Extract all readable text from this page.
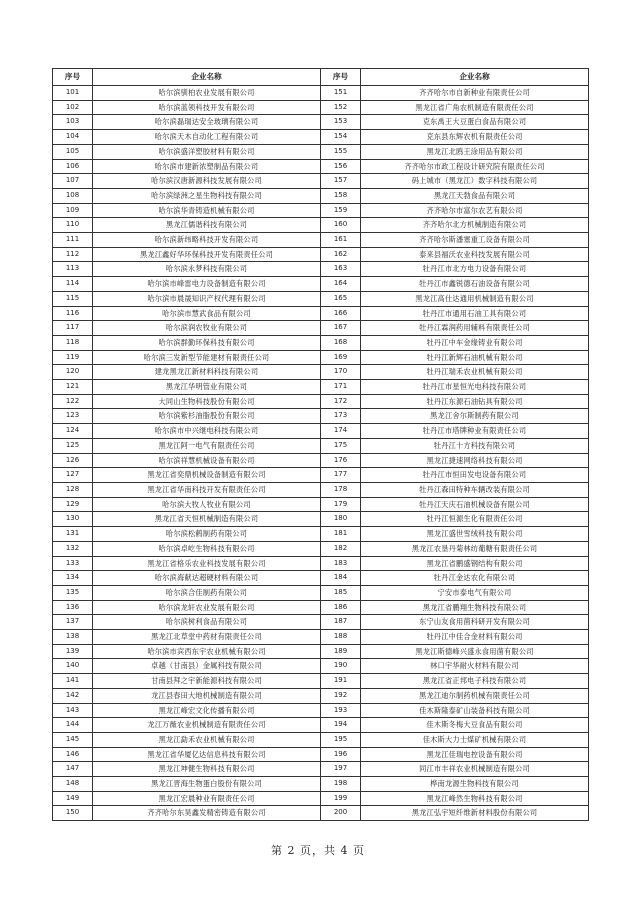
序号	企业名称	序号	企业名称
101	哈尔滨驯柏农业发展有限公司	151	齐齐哈尔市自新种业有限责任公司
102	哈尔滨蓝领科技开发有限公司	152	黑龙江省广角农机制造有限责任公司
103	哈尔滨磊瑞达安全玻璃有限公司	153	克东禹王大豆蛋白食品有限公司
104	哈尔滨天木自动化工程有限公司	154	克东县东辉农机有限责任公司
105	哈尔滨盛洋塑胶材料有限公司	155	黑龙江北鸥王涂用品有限公司
106	哈尔滨市建新浓塑制品有限公司	156	齐齐哈尔市政工程设计研究院有限责任公司
107	哈尔滨汉唐新源科技发展有限公司	157	码上城市（黑龙江）数字科技有限公司
108	哈尔滨绿洲之星生物科技有限公司	158	黑龙江天勃食品有限公司
109	哈尔滨华青铸造机械有限公司	159	齐齐哈尔市富尔农艺有限公司
110	黑龙江儒谐科技有限公司	160	齐齐哈尔北方机械制造有限公司
111	哈尔滨新纬略科技开发有限公司	161	齐齐哈尔斯潘塞重工设备有限公司
112	黑龙江鑫好华环保科技开发有限责任公司	162	泰来县福沃农业科技发展有限公司
113	哈尔滨永梦科技有限公司	163	牡丹江市北方电力设备有限公司
114	哈尔滨市峰雷电力设备制造有限公司	164	牡丹江市鑫锐德石油设备有限公司
115	哈尔滨市晨晟知识产权代理有限公司	165	黑龙江高仕达通用机械制造有限公司
116	哈尔滨市慧武食品有限公司	166	牡丹江市通用石油工具有限公司
117	哈尔滨润农牧业有限公司	167	牡丹江霖润药用辅料有限责任公司
118	哈尔滨群勤环保科技有限公司	168	牡丹江中车金缘铸业有限公司
119	哈尔滨三发新型节能建材有限责任公司	169	牡丹江新辉石油机械有限公司
120	建龙黑龙江新材料科技有限公司	170	牡丹江瑞禾农业机械有限公司
121	黑龙江华明管业有限公司	171	牡丹江市星恒光电科技有限公司
122	大同山生物科技股份有限公司	172	牡丹江东源石油钻具有限公司
123	哈尔滨紫杉油脂股份有限公司	173	黑龙江舍尔斯制药有限公司
124	哈尔滨市中兴继电科技有限公司	174	牡丹江市塔牌种业有限责任公司
125	黑龙江阿一电气有限责任公司	175	牡丹江十方科技有限公司
126	哈尔滨祥慧机械设备有限公司	176	黑龙江捷速网络科技有限公司
127	黑龙江省奕鼎机械设备制造有限公司	177	牡丹江市恒田发电设备有限公司
128	黑龙江省华南科技开发有限责任公司	178	牡丹江森田特种车辆改装有限公司
129	哈尔滨大牧人牧业有限公司	179	牡丹江天庆石油机械设备有限公司
130	黑龙江省天恒机械制造有限公司	180	牡丹江恒源生化有限责任公司
131	哈尔滨松鹤制药有限公司	181	黑龙江盛世雪绒科技有限公司
132	哈尔滨卓屹生物科技有限公司	182	黑龙江农垦丹菊林纺葡糖有限责任公司
133	黑龙江省格乐农业科技发展有限公司	183	黑龙江省鹏盛钢结构有限公司
134	哈尔滨海献达超硬材料有限公司	184	牡丹江金达农化有限公司
135	哈尔滨合佳制药有限公司	185	宁安市泰电气有限公司
136	哈尔滨龙轩农业发展有限公司	186	黑龙江省鹏翔生物科技有限公司
137	哈尔滨树利食品有限公司	187	东宁山友食用菌科研开发有限公司
138	黑龙江北草堂中药材有限责任公司	188	牡丹江中佳合金材料有限公司
139	哈尔滨市宾西东宇农业机械有限公司	189	黑龙江斯德峰兴盛永食用菌有限公司
140	卓越（甘南县）金属科技有限公司	190	林口宇华耐火材料有限公司
141	甘南县拜之宇新能源科技有限公司	191	黑龙江省正邦电子科技有限公司
142	龙江县春田大地机械制造有限公司	192	黑龙江迪尔制药机械有限责任公司
143	黑龙江峰宏文化传播有限公司	193	佳木斯隆泰矿山装备科技有限公司
144	龙江万薇农业机械制造有限责任公司	194	佳木斯冬梅大豆食品有限公司
145	黑龙江勐禾农业机械有限公司	195	佳木斯大力士煤矿机械有限公司
146	黑龙江省华厦亿达信息科技有限公司	196	黑龙江佳瑞电控设备有限公司
147	黑龙江坤健生物科技有限公司	197	同江市丰祥农业机械制造有限公司
148	黑龙江晋海生物蛋白股份有限公司	198	桦南龙源生物科技有限公司
149	黑龙江宏晨种业有限责任公司	199	黑龙江峰然生物科技有限公司
150	齐齐哈尔东昊鑫发精密铸造有限公司	200	黑龙江弘宇短纤维新材料股份有限公司
第 2 页，共 4 页
